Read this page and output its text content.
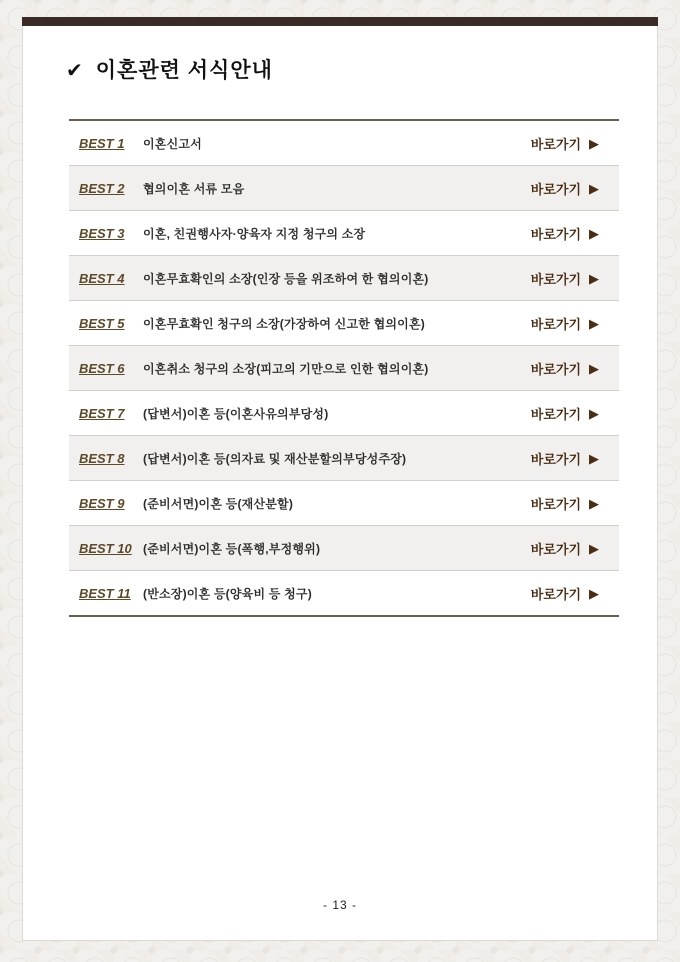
✔ 이혼관련 서식안내
BEST 1	이혼신고서	바로가기 ▶
BEST 2	협의이혼 서류 모음	바로가기 ▶
BEST 3	이혼, 친권행사자·양육자 지정 청구의 소장	바로가기 ▶
BEST 4	이혼무효확인의 소장(인장 등을 위조하여 한 협의이혼)	바로가기 ▶
BEST 5	이혼무효확인 청구의 소장(가장하여 신고한 협의이혼)	바로가기 ▶
BEST 6	이혼취소 청구의 소장(피고의 기만으로 인한 협의이혼)	바로가기 ▶
BEST 7	(답변서)이혼 등(이혼사유의부당성)	바로가기 ▶
BEST 8	(답변서)이혼 등(의자료 및 재산분할의부당성주장)	바로가기 ▶
BEST 9	(준비서면)이혼 등(재산분할)	바로가기 ▶
BEST 10 (준비서면)이혼 등(폭행,부정행위)	바로가기 ▶
BEST 11	(반소장)이혼 등(양육비 등 청구)	바로가기 ▶
- 13 -
